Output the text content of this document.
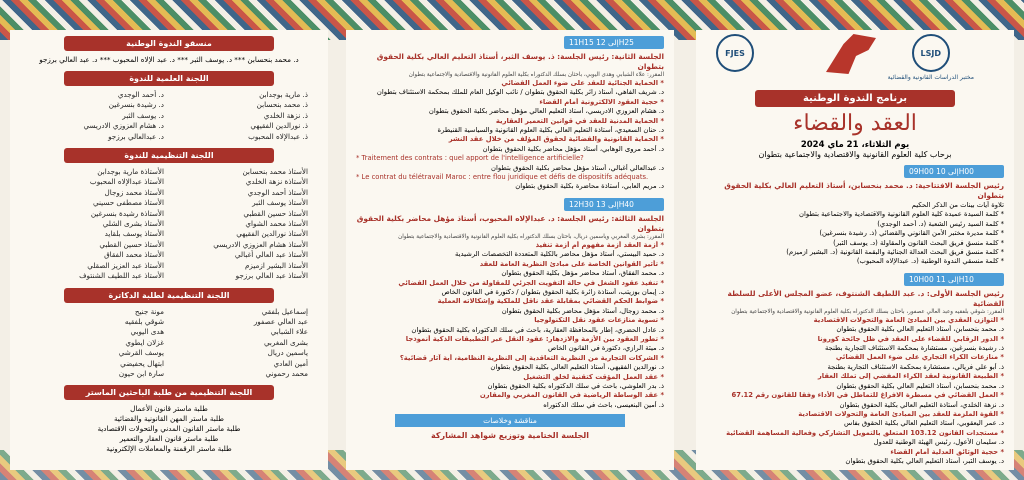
منسقو الندوة الوطنية
د. محمد بنحسابن *** د. يوسف الثبر *** د. عبد الإلاه المحبوب *** د. عبد العالي برزجو
اللجنة العلمية للندوة
ذ. مارية بوجدابن
ذ. محمد بنحسابن
ذ. نزهة الخلدي
ذ. نورالدين الفقيهي
ذ. عبدالإلاه المحبوب
د. أحمد الوجدي
د. رشيدة بنسرغين
د. يوسف الثبر
د. هشام العزوزي الادريسي
د. عبدالعالي برزجو
اللجنة التنظيمية للندوة
الأستاذ محمد بنحسابن
الأستاذة نزهة الخلدي
الأستاذ أحمد الوجدي
الأستاذ يوسف الثبر
الأستاذ حسين القطبي
الأستاذ محمد الشواي
الأستاذ نورالدين الفقيهي
الأستاذ هشام العزوزي الادريسي
الأستاذ عبد العالي أغبالي
الأستاذ البشير ازميزم
الأستاذ عبد العالي برزجو
الأستاذة مارية بوجدابن
الأستاذ عبدالإلاه المحبوب
الأستاذ محمد زوجال
الأستاذ مصطفى حسيني
الأستاذة رشيدة بنسرغين
الأستاذ بشرى الشلي
الأستاذ يوسف بلقايد
الأستاذ حسين القطبي
الأستاذ محمد الفقاق
الأستاذ عبد العزيز الصقلي
الأستاذ عبد اللطيف الشنتوف
اللجنة التنظيمية لطلبة الدكاترة
إسماعيل بلفقي
عبد العالي عصفور
علاء الشبابي
بشرى المغربي
ياسمين دريال
أمين العادي
محمد رحموني
مونة جنيح
شوقي بلفقيه
هدى اليوبي
غزلان ايطوي
يوسف القرشي
ابتهال يحفيضي
سارة ابن حيون
اللجنة التنظيمية من طلبة الباحثين الماستر
طلبة ماستر قانون الأعمال
طلبة ماستر المهن القانونية والقضائية
طلبة ماستر القانون المدني والتحولات الاقتصادية
طلبة ماستر قانون العقار والتعمير
طلبة ماستر الرقمنة والمعاملات الإلكترونية
11H15 إلى 12H25
الجلسة الثانية: رئيس الجلسة: ذ. يوسف الثبر، أستاذ التعليم العالي بكلية الحقوق بتطوان
المقرر: علاء الشبابي وهدى اليوبي، باحثان بسلك الدكتوراه بكلية العلوم القانونية والاقتصادية والاجتماعية بتطوان
* الحماية الجنائية للعقد على ضوء العمل القضائي
د. شريف الفاهي، أستاذ زائر بكلية الحقوق بتطوان / نائب الوكيل العام للملك بمحكمة الاستئناف بتطوان
* حجية العقود الالكترونية أمام القضاء
د. هشام العزوزي الادريسي، أستاذ التعليم العالي مؤهل محاضر بكلية الحقوق بتطوان
* الحماية المدنية للعقد في قوانين التعمير العقارية
د. حنان السعيدي، أستاذة التعليم العالي بكلية العلوم القانونية والسياسية القنيطرة
* الحماية القانونية والقضائية لحقوق المؤلف من خلال عقد النشر
د. أحمد مروى الوهابي، أستاذ مؤهل محاضر بكلية الحقوق بتطوان
* Traitement des contrats : quel apport de l'intelligence artificielle?
د. عبدالعالي أغبالي، أستاذ مؤهل محاضر بكلية الحقوق بتطوان
* Le contrat du télétravail Maroc : entre flou juridique et défis de dispositifs adéquats.
د. مريم العابي، أستاذة محاضرة بكلية الحقوق بتطوان
12H30 إلى 13H40
الجلسة الثالثة: رئيس الجلسة: د. عبدالإلاه المحبوب، أستاذ مؤهل محاضر بكلية الحقوق بتطوان
المقرر: بشرى المغربي وياسمين دريال، باحثان بسلك الدكتوراه بكلية العلوم القانونية والاقتصادية والاجتماعية بتطوان
* أزمة العقد أزمة مفهوم أم أزمة تنفيذ
د. حميد البيستي، أستاذ مؤهل محاضر بالكلية المتعددة التخصصات الرشيدية
* تأثير القوانين الخاصة على مبادئ النظرية العامة للعقد
د. محمد الفقاق، أستاذ محاضر مؤهل بكلية الحقوق بتطوان
* تنفيذ عقود الشغل في حالة التفويت الجزئي للمقاولة من خلال العمل القضائي
د. إيمان بوزيتب، أستاذة زائرة بكلية الحقوق بتطوان / دكتورة في القانون الخاص
* ضوابط الحكم القضائي بمقابلة عقد ناقل للملكية وإشكالاته العملية
د. محمد زوجال، أستاذ مؤهل محاضر بكلية الحقوق بتطوان
* تسوية منازعات عقود نقل التكنولوجيا
د. عادل الحضري، إطار بالمحافظة العقارية، باحث في سلك الدكتوراه بكلية الحقوق بتطوان
* تطور العقود بين الأزمة والازدهار: عقود النقل عبر التطبيقات الذكية أنموذجا
د. ميثة الرازي، دكتورة في القانون الخاص
* الشركات التجارية من النظرية التعاقدية إلى النظرية النظامية، أية آثار قضائية؟
د. نورالدين الفقيهي، أستاذ التعليم العالي بكلية الحقوق بتطوان
* عقد العمل المؤقت كتقنية لخلق التشغيل
ذ. بدر العلوشي، باحث في سلك الدكتوراه بكلية الحقوق بتطوان
* عقد الوساطة الرياضية في القانون المغربي والمقارن
ذ. أمين البنعيسى، باحث في سلك الدكتوراه
مناقشة وخلاصات
الجلسة الختامية وتوزيع شواهد المشاركة
LSJD
مختبر الدراسات القانونية والقضائية
FJES
برنامج الندوة الوطنية
العقد والقضاء
يوم الثلاثاء، 21 ماي 2024
برحاب كلية العلوم القانونية والاقتصادية والاجتماعية بتطوان
09H00 إلى 10H00
رئيس الجلسة الافتتاحية: د. محمد بنحسابن، أستاذ التعليم العالي بكلية الحقوق بتطوان
تلاوة آيات بينات من الذكر الحكيم
* كلمة السيدة عميدة كلية العلوم القانونية والاقتصادية والاجتماعية بتطوان
* كلمة السيد رئيس الشعبة (د. أحمد الوجدي)
* كلمة مديرة مختبر الأمن القانوني والقضائي (ذ. رشيدة بنسرغين)
* كلمة منسق فريق البحث القانون والمقاولة (د. يوسف الثبر)
* كلمة منسق فريق البحث العدالة الجنائية والبقمة القانونية (د. البشير ازميزم)
* كلمة منسقي الندوة الوطنية (د. عبدالإلاه المحبوب)
10H00 إلى 11H10
رئيس الجلسة الأولى: د. عبد اللطيف الشنتوف، عضو المجلس الأعلى للسلطة القضائية
المقرر: شوقي بلفقيه وعبد العالي عصفور، باحثان بسلك الدكتوراه بكلية العلوم القانونية والاقتصادية والاجتماعية بتطوان
* التوازن العقدي بين المبادئ العامة والتحولات الاقتصادية
د. محمد بنحسابن، أستاذ التعليم العالي بكلية الحقوق بتطوان
* الدور الرقابي للقضاء على العقد في ظل جائحة كورونا
ذ. رشيدة بنسرغين، مستشارة بمحكمة الاستئناف التجارية بطنجة
* منازعات الكراء التجاري على ضوء العمل القضائي
ذ. أبو علي فريالي، مستشارة بمحكمة الاستئناف التجارية بطنجة
* الطبيعة القانونية لعقد الكراء المفضي إلى تملك العقار
د. محمد بنحسابن، أستاذ التعليم العالي بكلية الحقوق بتطوان
* العمل القضائي في مسطرة الافراغ للتماطل في الأداء وفقا للقانون رقم 67.12
د. نزهة الخلدي، أستاذة التعليم العالي بكلية الحقوق بتطوان
* القوة الملزمة للعقد بين المبادئ العامة والتحولات الاقتصادية
د. عمر اليعقوبي، أستاذ التعليم العالي بكلية الحقوق بفاس
* مستجدات القانون 103.12 المتعلق بالتمويل التشاركي وفعالية المساهمة القضائية
د. سليمان الأعول، رئيس الهيئة الوطنية للعدول
* حجية الوثائق العدلية أمام القضاء
د. يوسف الثبر، أستاذ التعليم العالي بكلية الحقوق بتطوان
